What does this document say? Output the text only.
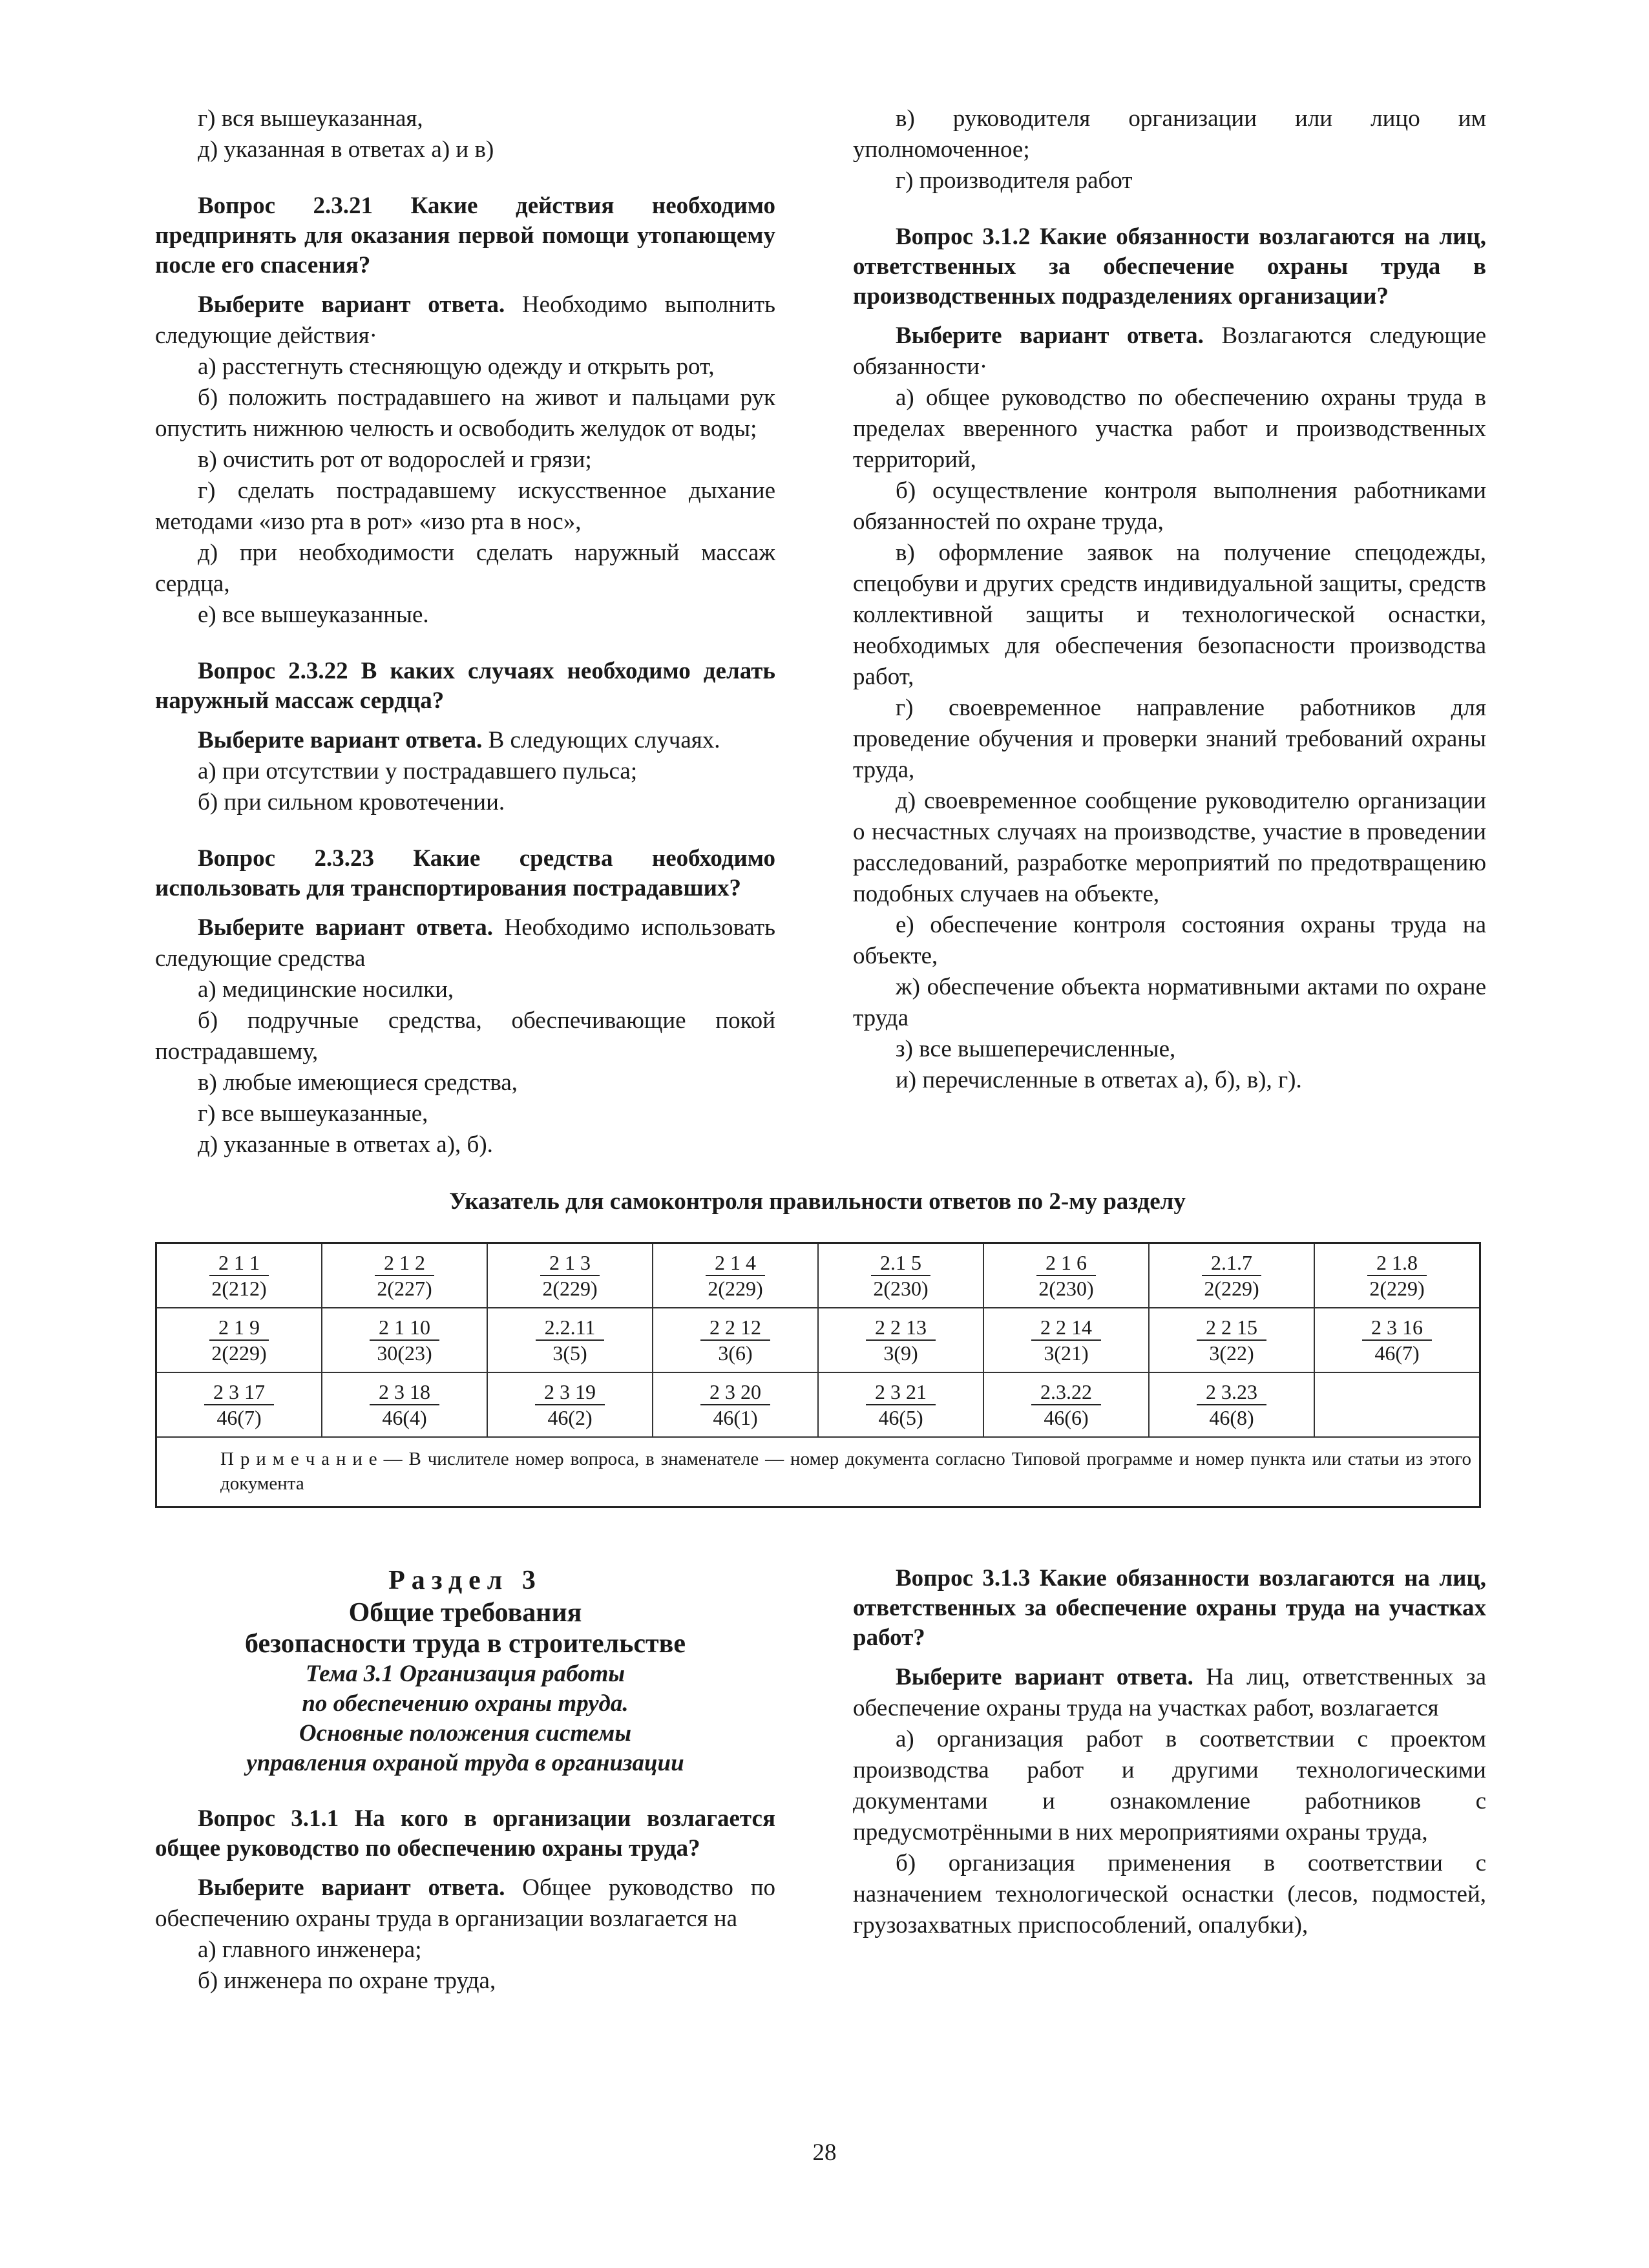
г) вся вышеуказанная,

д) указанная в ответах а) и в)

Вопрос 2.3.21 Какие действия необходимо предпринять для оказания первой помощи утопающему после его спасения?

Выберите вариант ответа. Необходимо выполнить следующие действия·

а) расстегнуть стесняющую одежду и открыть рот,

б) положить пострадавшего на живот и пальцами рук опустить нижнюю челюсть и освободить желудок от воды;

в) очистить рот от водорослей и грязи;

г) сделать пострадавшему искусственное дыхание методами «изо рта в рот» «изо рта в нос»,

д) при необходимости сделать наружный массаж сердца,

е) все вышеуказанные.

Вопрос 2.3.22 В каких случаях необходимо делать наружный массаж сердца?

Выберите вариант ответа. В следующих случаях.

а) при отсутствии у пострадавшего пульса;

б) при сильном кровотечении.

Вопрос 2.3.23 Какие средства необходимо использовать для транспортирования пострадавших?

Выберите вариант ответа. Необходимо использовать следующие средства

а) медицинские носилки,

б) подручные средства, обеспечивающие покой пострадавшему,

в) любые имеющиеся средства,

г) все вышеуказанные,

д) указанные в ответах а), б).

в) руководителя организации или лицо им уполномоченное;

г) производителя работ

Вопрос 3.1.2 Какие обязанности возлагаются на лиц, ответственных за обеспечение охраны труда в производственных подразделениях организации?

Выберите вариант ответа. Возлагаются следующие обязанности·

а) общее руководство по обеспечению охраны труда в пределах вверенного участка работ и производственных территорий,

б) осуществление контроля выполнения работниками обязанностей по охране труда,

в) оформление заявок на получение спецодежды, спецобуви и других средств индивидуальной защиты, средств коллективной защиты и технологической оснастки, необходимых для обеспечения безопасности производства работ,

г) своевременное направление работников для проведение обучения и проверки знаний требований охраны труда,

д) своевременное сообщение руководителю организации о несчастных случаях на производстве, участие в проведении расследований, разработке мероприятий по предотвращению подобных случаев на объекте,

е) обеспечение контроля состояния охраны труда на объекте,

ж) обеспечение объекта нормативными актами по охране труда

з) все вышеперечисленные,

и) перечисленные в ответах а), б), в), г).

Указатель для самоконтроля правильности ответов по 2-му разделу
$\frac{2 1 1}{2(212)}$	$\frac{2 1 2}{2(227)}$	$\frac{2 1 3}{2(229)}$	$\frac{2 1 4}{2(229)}$	$\frac{2.1 5}{2(230)}$	$\frac{2 1 6}{2(230)}$	$\frac{2.1.7}{2(229)}$	$\frac{2 1.8}{2(229)}$
$\frac{2 1 9}{2(229)}$	$\frac{2 1 10}{30(23)}$	$\frac{2.2.11}{3(5)}$	$\frac{2 2 12}{3(6)}$	$\frac{2 2 13}{3(9)}$	$\frac{2 2 14}{3(21)}$	$\frac{2 2 15}{3(22)}$	$\frac{2 3 16}{46(7)}$
$\frac{2 3 17}{46(7)}$	$\frac{2 3 18}{46(4)}$	$\frac{2 3 19}{46(2)}$	$\frac{2 3 20}{46(1)}$	$\frac{2 3 21}{46(5)}$	$\frac{2.3.22}{46(6)}$	$\frac{2 3.23}{46(8)}$
П р и м е ч а н и е — В числителе номер вопроса, в знаменателе — номер документа согласно Типовой программе и номер пункта или статьи из этого документа
Раздел 3
Общие требования
безопасности труда в строительстве
Тема 3.1 Организация работы
по обеспечению охраны труда.
Основные положения системы
управления охраной труда в организации

Вопрос 3.1.1 На кого в организации возлагается общее руководство по обеспечению охраны труда?

Выберите вариант ответа. Общее руководство по обеспечению охраны труда в организации возлагается на

а) главного инженера;

б) инженера по охране труда,

Вопрос 3.1.3 Какие обязанности возлагаются на лиц, ответственных за обеспечение охраны труда на участках работ?

Выберите вариант ответа. На лиц, ответственных за обеспечение охраны труда на участках работ, возлагается

а) организация работ в соответствии с проектом производства работ и другими технологическими документами и ознакомление работников с предусмотрёнными в них мероприятиями охраны труда,

б) организация применения в соответствии с назначением технологической оснастки (лесов, подмостей, грузозахватных приспособлений, опалубки),

28
